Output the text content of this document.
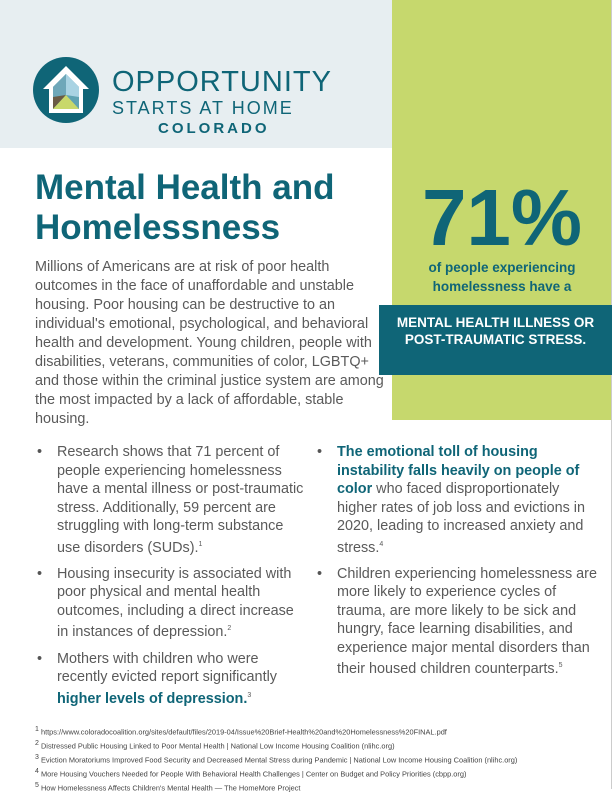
OPPORTUNITY
STARTS AT HOME
COLORADO
Mental Health and Homelessness	71%
of people experiencing homelessness have a
MENTAL HEALTH ILLNESS OR POST-TRAUMATIC STRESS.

Millions of Americans are at risk of poor health outcomes in the face of unaffordable and unstable housing. Poor housing can be destructive to an individual's emotional, psychological, and behavioral health and development. Young children, people with disabilities, veterans, communities of color, LGBTQ+ and those within the criminal justice system are among the most impacted by a lack of affordable, stable housing.

• Research shows that 71 percent of people experiencing homelessness have a mental illness or post-traumatic stress. Additionally, 59 percent are struggling with long-term substance use disorders (SUDs).$^1$
• Housing insecurity is associated with poor physical and mental health outcomes, including a direct increase in instances of depression.$^2$
• Mothers with children who were recently evicted report significantly higher levels of depression.$^3$
• The emotional toll of housing instability falls heavily on people of color who faced disproportionately higher rates of job loss and evictions in 2020, leading to increased anxiety and stress.$^4$
• Children experiencing homelessness are more likely to experience cycles of trauma, are more likely to be sick and hungry, face learning disabilities, and experience major mental disorders than their housed children counterparts.$^5$
$^1$ https://www.coloradocoalition.org/sites/default/files/2019-04/Issue%20Brief-Health%20and%20Homelessness%20FINAL.pdf
$^2$ Distressed Public Housing Linked to Poor Mental Health | National Low Income Housing Coalition (nlihc.org)
$^3$ Eviction Moratoriums Improved Food Security and Decreased Mental Stress during Pandemic | National Low Income Housing Coalition (nlihc.org)
$^4$ More Housing Vouchers Needed for People With Behavioral Health Challenges | Center on Budget and Policy Priorities (cbpp.org)
$^5$ How Homelessness Affects Children's Mental Health — The HomeMore Project
